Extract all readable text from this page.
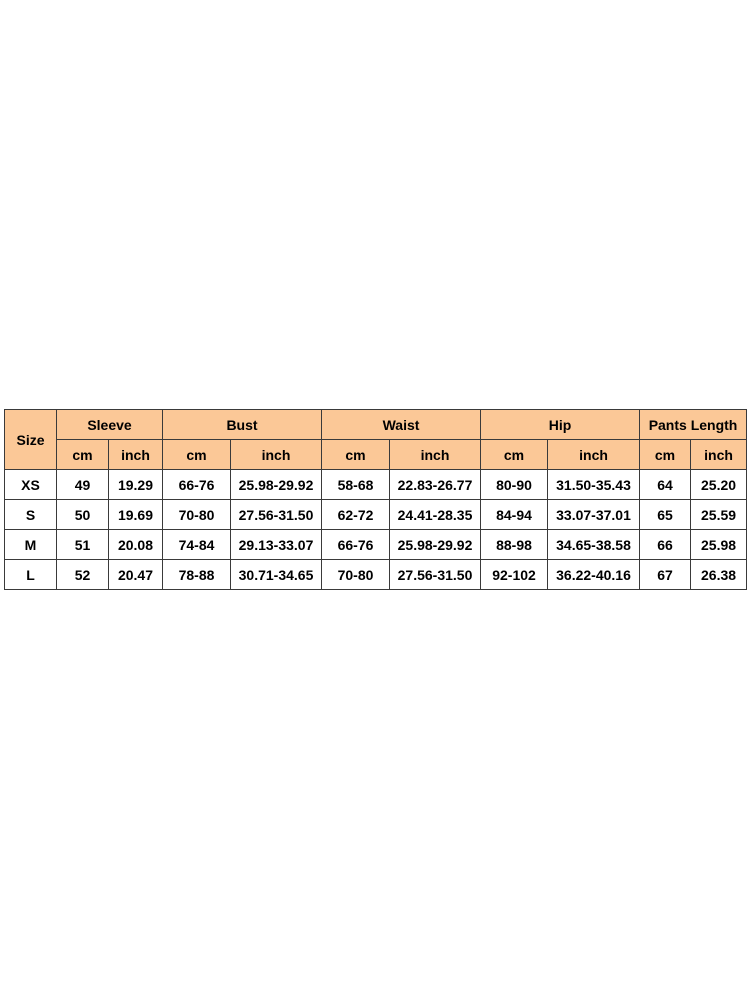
Size	Sleeve		Bust		Waist		Hip		Pants Length	
	cm	inch	cm	inch	cm	inch	cm	inch	cm	inch
XS	49	19.29	66-76	25.98-29.92	58-68	22.83-26.77	80-90	31.50-35.43	64	25.20
S	50	19.69	70-80	27.56-31.50	62-72	24.41-28.35	84-94	33.07-37.01	65	25.59
M	51	20.08	74-84	29.13-33.07	66-76	25.98-29.92	88-98	34.65-38.58	66	25.98
L	52	20.47	78-88	30.71-34.65	70-80	27.56-31.50	92-102	36.22-40.16	67	26.38
